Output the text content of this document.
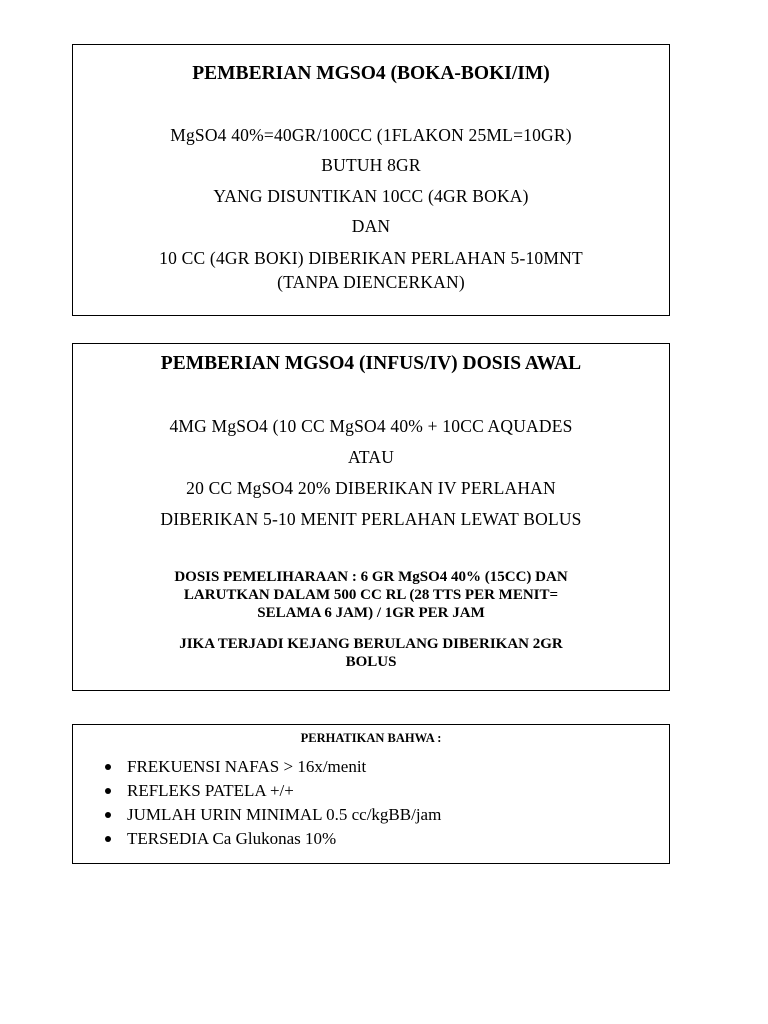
PEMBERIAN MGSO4 (BOKA-BOKI/IM)
MgSO4 40%=40GR/100CC (1FLAKON 25ML=10GR)
BUTUH 8GR
YANG DISUNTIKAN 10CC (4GR BOKA)
DAN
10 CC (4GR BOKI) DIBERIKAN PERLAHAN 5-10MNT
(TANPA DIENCERKAN)
PEMBERIAN MGSO4 (INFUS/IV) DOSIS AWAL
4MG MgSO4 (10 CC MgSO4 40% + 10CC AQUADES
ATAU
20 CC MgSO4 20% DIBERIKAN IV PERLAHAN
DIBERIKAN 5-10 MENIT PERLAHAN LEWAT BOLUS
DOSIS PEMELIHARAAN : 6 GR MgSO4 40% (15CC) DAN
LARUTKAN DALAM 500 CC RL (28 TTS PER MENIT=
SELAMA 6 JAM) / 1GR PER JAM
JIKA TERJADI KEJANG BERULANG DIBERIKAN 2GR
BOLUS
PERHATIKAN BAHWA :
FREKUENSI NAFAS > 16x/menit
REFLEKS PATELA +/+
JUMLAH URIN MINIMAL 0.5 cc/kgBB/jam
TERSEDIA Ca Glukonas 10%
